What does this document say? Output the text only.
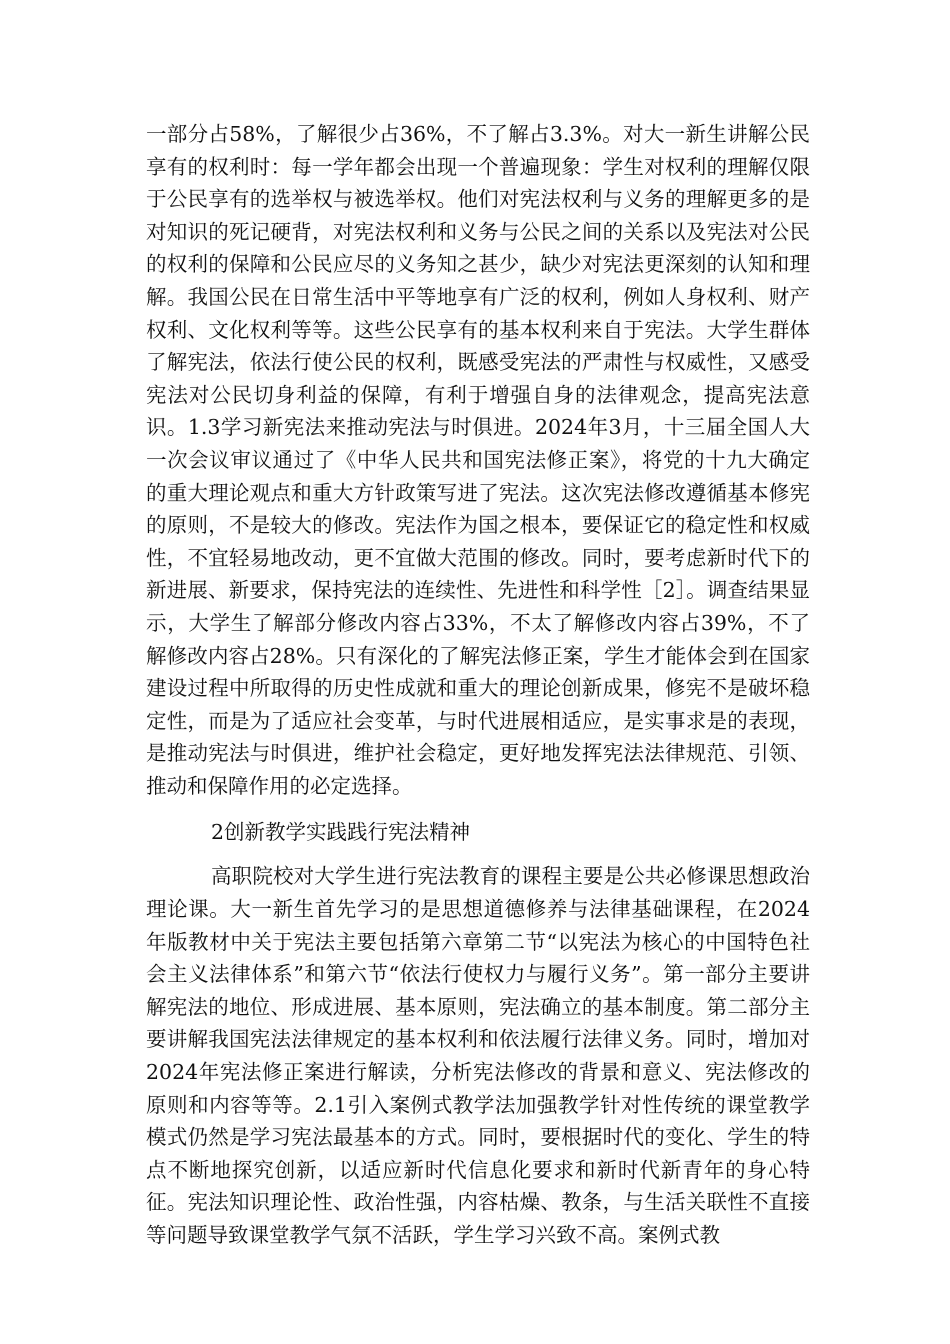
一部分占58%，了解很少占36%，不了解占3.3%。对大一新生讲解公民享有的权利时：每一学年都会出现一个普遍现象：学生对权利的理解仅限于公民享有的选举权与被选举权。他们对宪法权利与义务的理解更多的是对知识的死记硬背，对宪法权利和义务与公民之间的关系以及宪法对公民的权利的保障和公民应尽的义务知之甚少，缺少对宪法更深刻的认知和理解。我国公民在日常生活中平等地享有广泛的权利，例如人身权利、财产权利、文化权利等等。这些公民享有的基本权利来自于宪法。大学生群体了解宪法，依法行使公民的权利，既感受宪法的严肃性与权威性，又感受宪法对公民切身利益的保障，有利于增强自身的法律观念，提高宪法意识。1.3学习新宪法来推动宪法与时俱进。2024年3月，十三届全国人大一次会议审议通过了《中华人民共和国宪法修正案》，将党的十九大确定的重大理论观点和重大方针政策写进了宪法。这次宪法修改遵循基本修宪的原则，不是较大的修改。宪法作为国之根本，要保证它的稳定性和权威性，不宜轻易地改动，更不宜做大范围的修改。同时，要考虑新时代下的新进展、新要求，保持宪法的连续性、先进性和科学性［2］。调查结果显示，大学生了解部分修改内容占33%，不太了解修改内容占39%，不了解修改内容占28%。只有深化的了解宪法修正案，学生才能体会到在国家建设过程中所取得的历史性成就和重大的理论创新成果，修宪不是破坏稳定性，而是为了适应社会变革，与时代进展相适应，是实事求是的表现，是推动宪法与时俱进，维护社会稳定，更好地发挥宪法法律规范、引领、推动和保障作用的必定选择。

2创新教学实践践行宪法精神

高职院校对大学生进行宪法教育的课程主要是公共必修课思想政治理论课。大一新生首先学习的是思想道德修养与法律基础课程，在2024年版教材中关于宪法主要包括第六章第二节“以宪法为核心的中国特色社会主义法律体系”和第六节“依法行使权力与履行义务”。第一部分主要讲解宪法的地位、形成进展、基本原则，宪法确立的基本制度。第二部分主要讲解我国宪法法律规定的基本权利和依法履行法律义务。同时，增加对2024年宪法修正案进行解读，分析宪法修改的背景和意义、宪法修改的原则和内容等等。2.1引入案例式教学法加强教学针对性传统的课堂教学模式仍然是学习宪法最基本的方式。同时，要根据时代的变化、学生的特点不断地探究创新，以适应新时代信息化要求和新时代新青年的身心特征。宪法知识理论性、政治性强，内容枯燥、教条，与生活关联性不直接等问题导致课堂教学气氛不活跃，学生学习兴致不高。案例式教
